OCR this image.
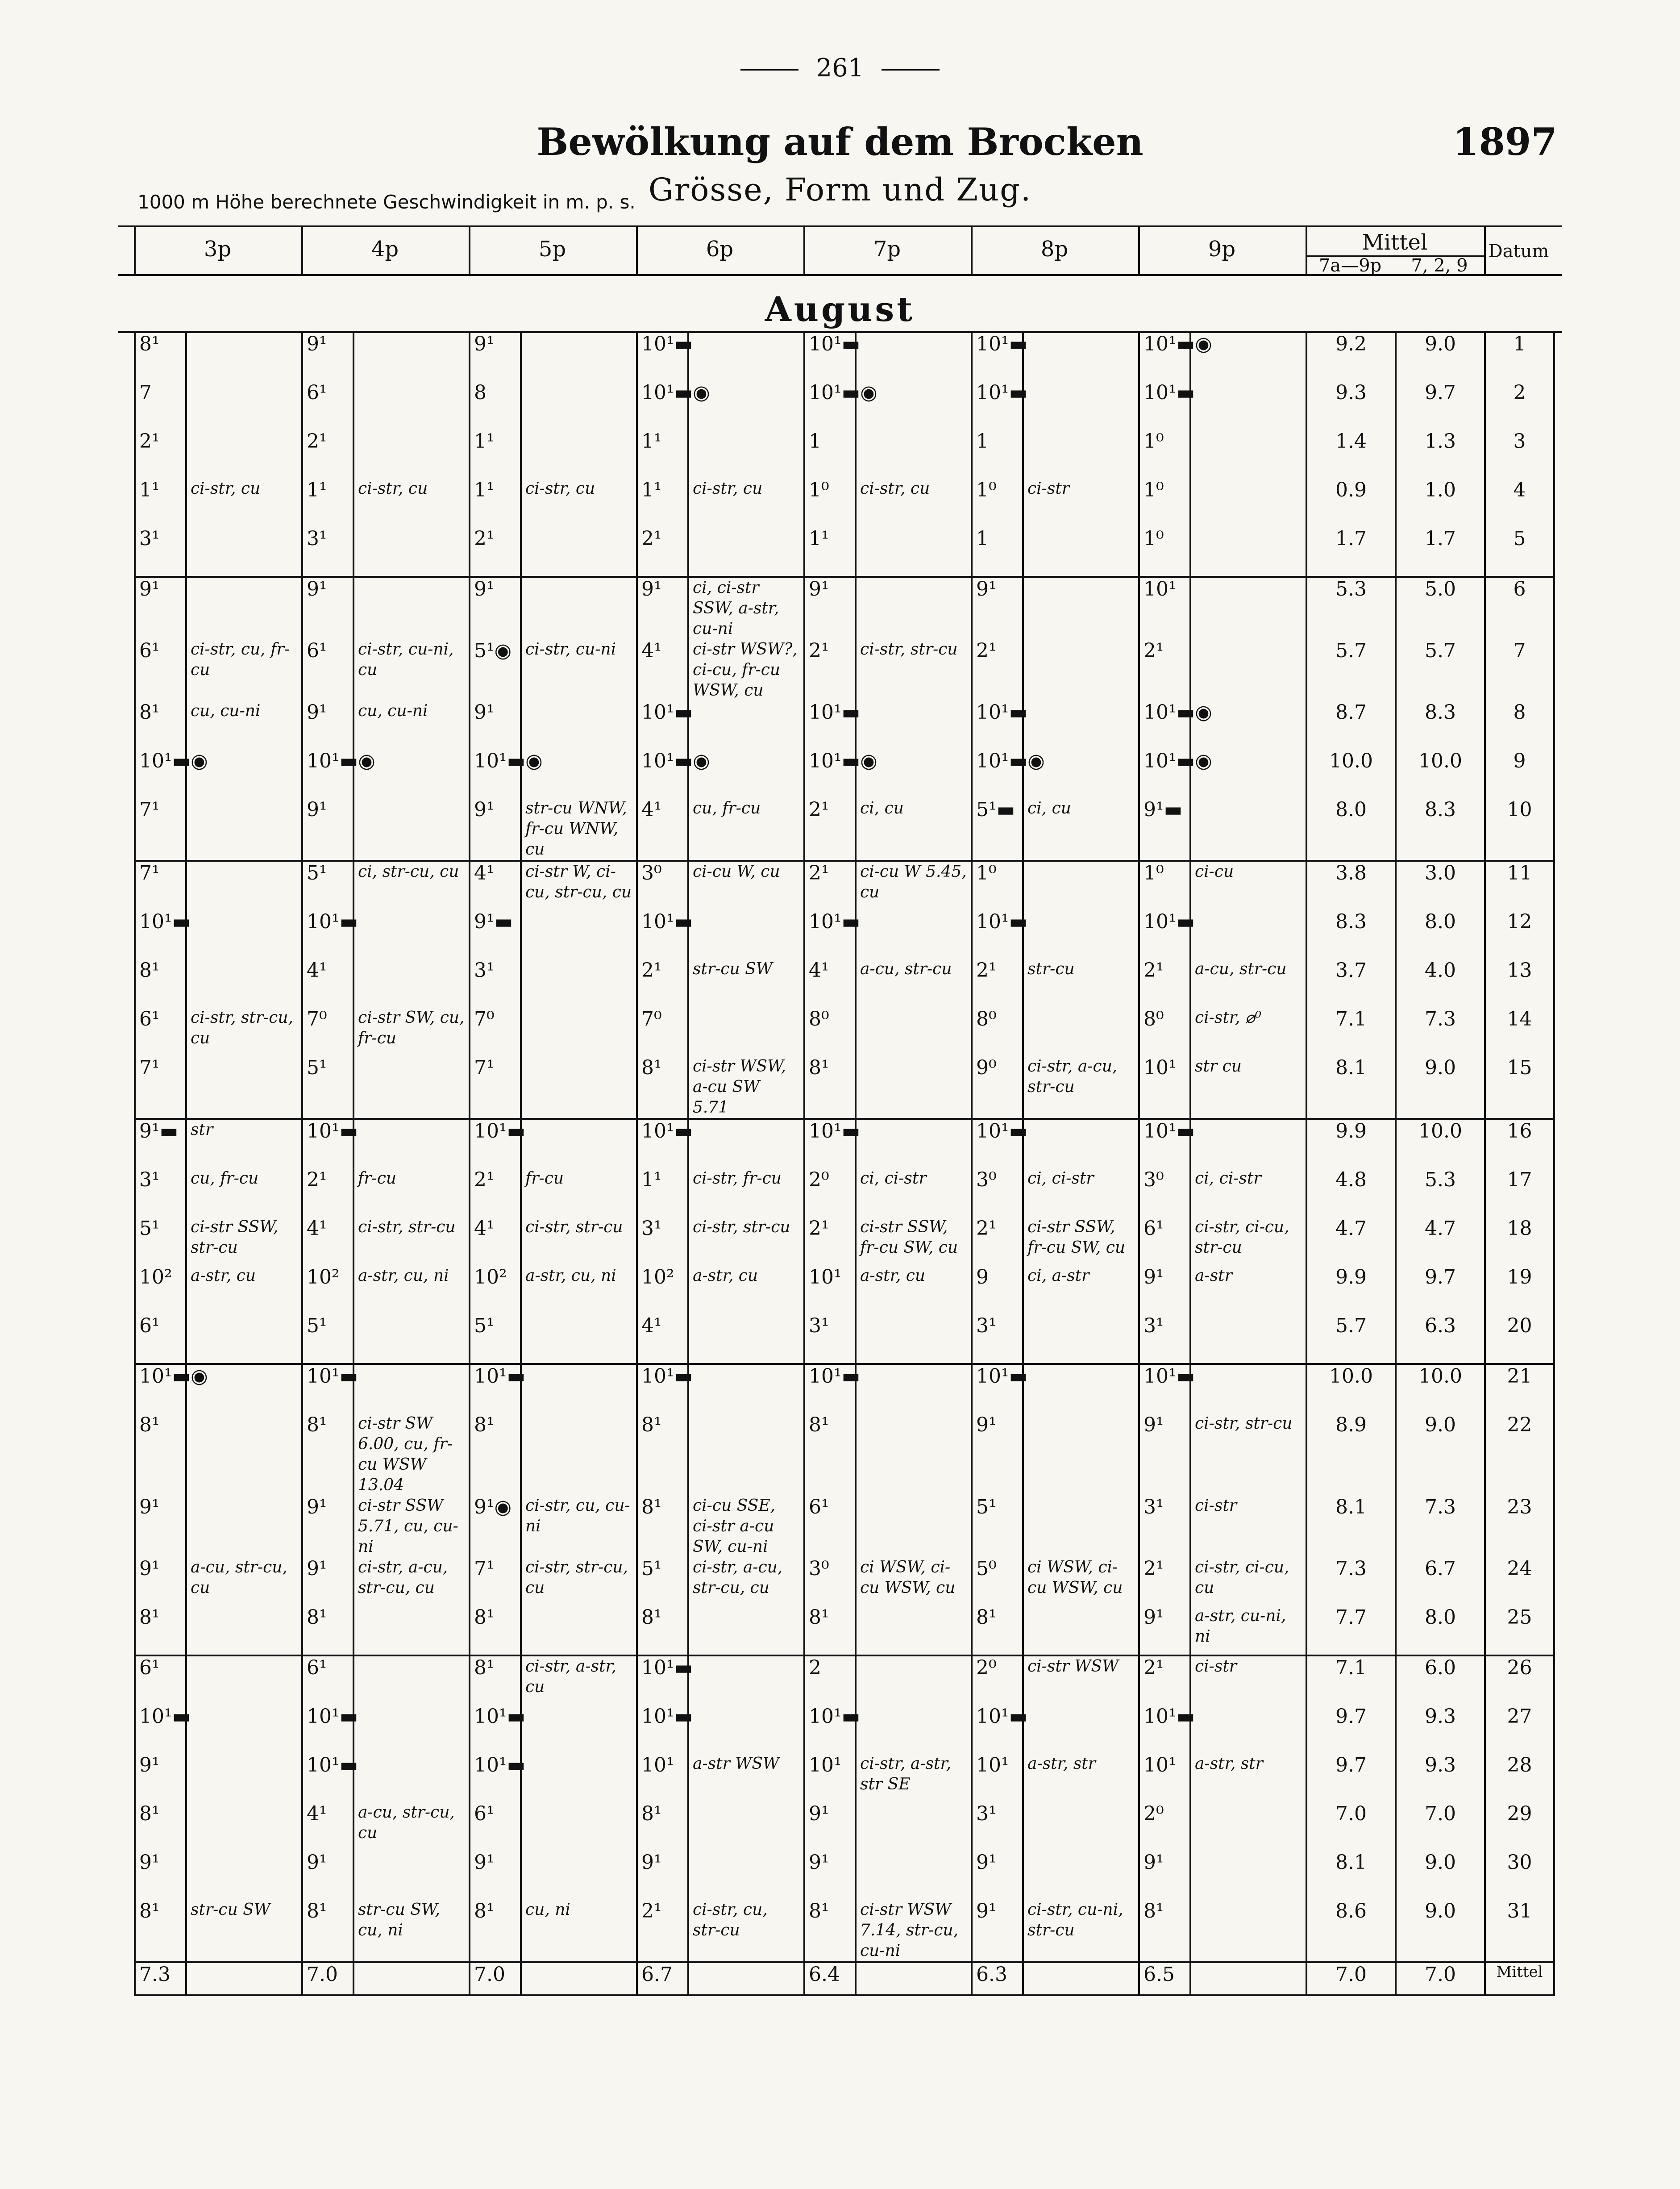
261
Bewölkung auf dem Brocken	1897
Grösse, Form und Zug.
1000 m Höhe berechnete Geschwindigkeit in m. p. s.
3p	4p	5p	6p	7p	8p	9p	Mittel
7a—9p	7, 2, 9
Datum
August
8¹		9¹		9¹		10¹▬		10¹▬		10¹▬		10¹▬◉		9.2	9.0	1
7		6¹		8		10¹▬◉		10¹▬◉		10¹▬		10¹▬		9.3	9.7	2
2¹		2¹		1¹		1¹		1		1		1⁰		1.4	1.3	3
1¹	ci-str, cu	1¹	ci-str, cu	1¹	ci-str, cu	1¹	ci-str, cu	1⁰	ci-str, cu	1⁰	ci-str	1⁰		0.9	1.0	4
3¹		3¹		2¹		2¹		1¹		1		1⁰		1.7	1.7	5
9¹		9¹		9¹		9¹	ci, ci-str SSW, a-str, cu-ni	9¹		9¹		10¹		5.3	5.0	6
6¹	ci-str, cu, fr-cu	6¹	ci-str, cu-ni, cu	5¹◉	ci-str, cu-ni	4¹	ci-str WSW?, ci-cu, fr-cu WSW, cu	2¹	ci-str, str-cu	2¹		2¹		5.7	5.7	7
8¹	cu, cu-ni	9¹	cu, cu-ni	9¹		10¹▬		10¹▬		10¹▬		10¹▬◉		8.7	8.3	8
10¹▬◉		10¹▬◉		10¹▬◉		10¹▬◉		10¹▬◉		10¹▬◉		10¹▬◉		10.0	10.0	9
7¹		9¹		9¹	str-cu WNW, fr-cu WNW, cu	4¹	cu, fr-cu	2¹	ci, cu	5¹▬	ci, cu	9¹▬		8.0	8.3	10
7¹		5¹	ci, str-cu, cu	4¹	ci-str W, ci-cu, str-cu, cu	3⁰	ci-cu W, cu	2¹	ci-cu W 5.45, cu	1⁰		1⁰	ci-cu	3.8	3.0	11
10¹▬		10¹▬		9¹▬		10¹▬		10¹▬		10¹▬		10¹▬		8.3	8.0	12
8¹		4¹		3¹		2¹	str-cu SW	4¹	a-cu, str-cu	2¹	str-cu	2¹	a-cu, str-cu	3.7	4.0	13
6¹	ci-str, str-cu, cu	7⁰	ci-str SW, cu, fr-cu	7⁰		7⁰		8⁰		8⁰		8⁰	ci-str, ⌀⁰	7.1	7.3	14
7¹		5¹		7¹		8¹	ci-str WSW, a-cu SW 5.71	8¹		9⁰	ci-str, a-cu, str-cu	10¹	str cu	8.1	9.0	15
9¹▬	str	10¹▬		10¹▬		10¹▬		10¹▬		10¹▬		10¹▬		9.9	10.0	16
3¹	cu, fr-cu	2¹	fr-cu	2¹	fr-cu	1¹	ci-str, fr-cu	2⁰	ci, ci-str	3⁰	ci, ci-str	3⁰	ci, ci-str	4.8	5.3	17
5¹	ci-str SSW, str-cu	4¹	ci-str, str-cu	4¹	ci-str, str-cu	3¹	ci-str, str-cu	2¹	ci-str SSW, fr-cu SW, cu	2¹	ci-str SSW, fr-cu SW, cu	6¹	ci-str, ci-cu, str-cu	4.7	4.7	18
10²	a-str, cu	10²	a-str, cu, ni	10²	a-str, cu, ni	10²	a-str, cu	10¹	a-str, cu	9	ci, a-str	9¹	a-str	9.9	9.7	19
6¹		5¹		5¹		4¹		3¹		3¹		3¹		5.7	6.3	20
10¹▬◉		10¹▬		10¹▬		10¹▬		10¹▬		10¹▬		10¹▬		10.0	10.0	21
8¹		8¹	ci-str SW 6.00, cu, fr-cu WSW 13.04	8¹		8¹		8¹		9¹		9¹	ci-str, str-cu	8.9	9.0	22
9¹		9¹	ci-str SSW 5.71, cu, cu-ni	9¹◉	ci-str, cu, cu-ni	8¹	ci-cu SSE, ci-str a-cu SW, cu-ni	6¹		5¹		3¹	ci-str	8.1	7.3	23
9¹	a-cu, str-cu, cu	9¹	ci-str, a-cu, str-cu, cu	7¹	ci-str, str-cu, cu	5¹	ci-str, a-cu, str-cu, cu	3⁰	ci WSW, ci-cu WSW, cu	5⁰	ci WSW, ci-cu WSW, cu	2¹	ci-str, ci-cu, cu	7.3	6.7	24
8¹		8¹		8¹		8¹		8¹		8¹		9¹	a-str, cu-ni, ni	7.7	8.0	25
6¹		6¹		8¹	ci-str, a-str, cu	10¹▬		2		2⁰	ci-str WSW	2¹	ci-str	7.1	6.0	26
10¹▬		10¹▬		10¹▬		10¹▬		10¹▬		10¹▬		10¹▬		9.7	9.3	27
9¹		10¹▬		10¹▬		10¹	a-str WSW	10¹	ci-str, a-str, str SE	10¹	a-str, str	10¹	a-str, str	9.7	9.3	28
8¹		4¹	a-cu, str-cu, cu	6¹		8¹		9¹		3¹		2⁰		7.0	7.0	29
9¹		9¹		9¹		9¹		9¹		9¹		9¹		8.1	9.0	30
8¹	str-cu SW	8¹	str-cu SW, cu, ni	8¹	cu, ni	2¹	ci-str, cu, str-cu	8¹	ci-str WSW 7.14, str-cu, cu-ni	9¹	ci-str, cu-ni, str-cu	8¹		8.6	9.0	31
7.3		7.0		7.0		6.7		6.4		6.3		6.5		7.0	7.0	Mittel
